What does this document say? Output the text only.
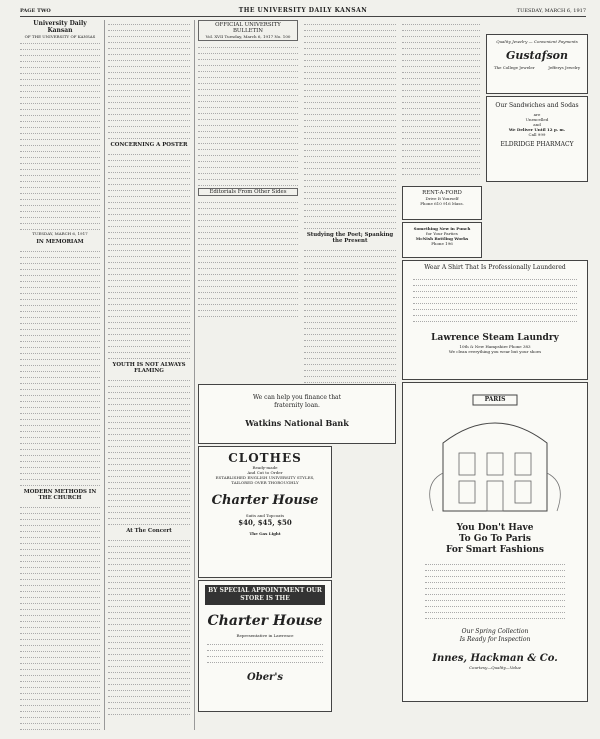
PAGE TWO	THE UNIVERSITY DAILY KANSAN	TUESDAY, MARCH 6, 1917
University Daily Kansan
OF THE UNIVERSITY OF KANSAS
TUESDAY, MARCH 6, 1917
IN MEMORIAM
MODERN METHODS IN THE CHURCH
CONCERNING A POSTER
YOUTH IS NOT ALWAYS FLAMING
At The Concert
OFFICIAL UNIVERSITY BULLETIN
Vol. XVII Tuesday, March 6, 1917 No. 100
Editorials From Other Sides
Studying the Poet; Spanking the Present
RENT-A-FORD
Drive It Yourself
Phone 610 916 Mass.
Something New in Punch
for Your Parties
McNish Bottling Works
Phone 196
Quality Jewelry — Convenient Payments
Gustafson
The College Jeweler	Jefferys Jewelry
Our Sandwiches and Sodas
are
Unexcelled
and
We Deliver Until 12 p. m.
Call 999
ELDRIDGE PHARMACY
Wear A Shirt That Is Professionally Laundered
Lawrence Steam Laundry
10th & New Hampshire Phone 383
We clean everything you wear but your shoes
We can help you finance that
fraternity loan.
Watkins National Bank
CLOTHES
Ready-made
And Cut to Order
ESTABLISHED ENGLISH UNIVERSITY STYLES, TAILORED OVER THOROUGHLY
Charter House
Suits and Topcoats
$40, $45, $50
The Gas Light
BY SPECIAL APPOINTMENT OUR STORE IS THE
Charter House
Representative in Lawrence
Ober's
PARIS
You Don't Have
To Go To Paris
For Smart Fashions
Our Spring Collection
Is Ready for Inspection
Innes, Hackman & Co.
Courtesy—Quality—Value
